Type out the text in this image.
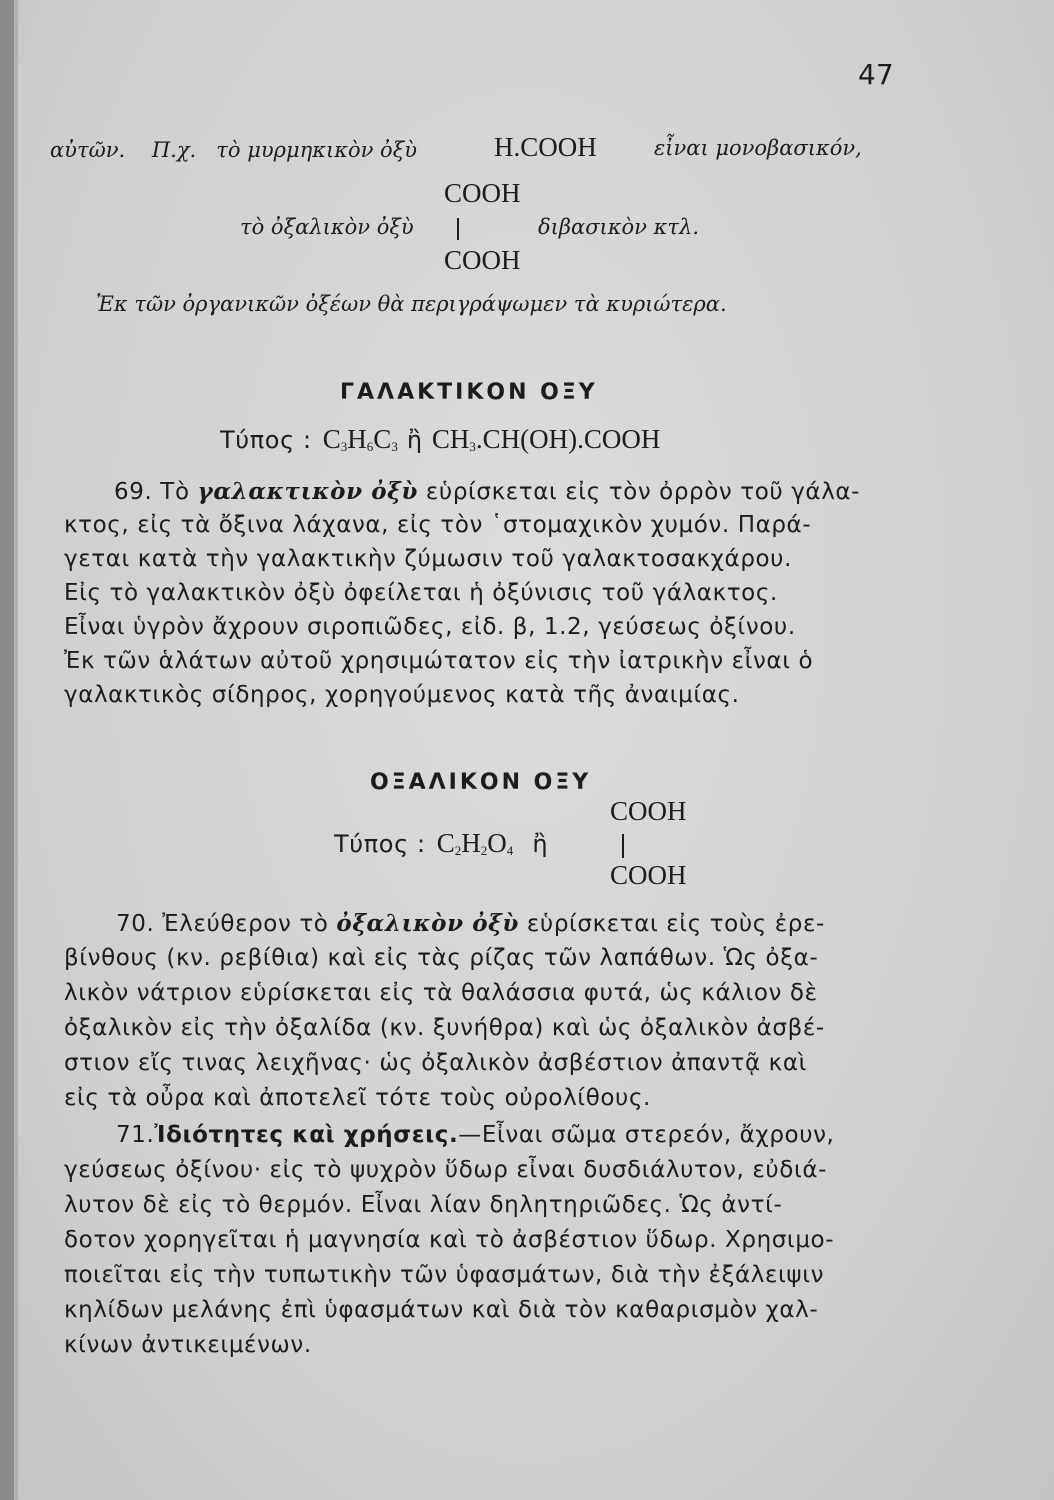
47
αὐτῶν. Π.χ. τὸ μυρμηκικὸν ὀξὺ	H.COOH	εἶναι μονοβασικόν,
COOH
τὸ ὀξαλικὸν ὀξὺ	διβασικὸν κτλ.
COOH
Ἐκ τῶν ὀργανικῶν ὀξέων θὰ περιγράψωμεν τὰ κυριώτερα.
ΓΑΛΑΚΤΙΚΟΝ ΟΞΥ
Τύπος : $C_3H_6C_3$ ἢ $CH_3.CH(OH).COOH$
69. Τὸ γαλακτικὸν ὀξὺ εὑρίσκεται εἰς τὸν ὀρρὸν τοῦ γάλα-
κτος, εἰς τὰ ὄξινα λάχανα, εἰς τὸν ῾στομαχικὸν χυμόν. Παρά-
γεται κατὰ τὴν γαλακτικὴν ζύμωσιν τοῦ γαλακτοσακχάρου.
Εἰς τὸ γαλακτικὸν ὀξὺ ὀφείλεται ἡ ὀξύνισις τοῦ γάλακτος.
Εἶναι ὑγρὸν ἄχρουν σιροπιῶδες, εἰδ. β, 1.2, γεύσεως ὀξίνου.
Ἐκ τῶν ἁλάτων αὐτοῦ χρησιμώτατον εἰς τὴν ἰατρικὴν εἶναι ὁ
γαλακτικὸς σίδηρος, χορηγούμενος κατὰ τῆς ἀναιμίας.
ΟΞΑΛΙΚΟΝ ΟΞΥ
COOH
Τύπος : $C_2H_2O_4$ ἢ
COOH
70. Ἐλεύθερον τὸ ὀξαλικὸν ὀξὺ εὑρίσκεται εἰς τοὺς ἐρε-
βίνθους (κν. ρεβίθια) καὶ εἰς τὰς ρίζας τῶν λαπάθων. Ὡς ὀξα-
λικὸν νάτριον εὑρίσκεται εἰς τὰ θαλάσσια φυτά, ὡς κάλιον δὲ
ὀξαλικὸν εἰς τὴν ὀξαλίδα (κν. ξυνήθρα) καὶ ὡς ὀξαλικὸν ἀσβέ-
στιον εἴς τινας λειχῆνας· ὡς ὀξαλικὸν ἀσβέστιον ἀπαντᾷ καὶ
εἰς τὰ οὖρα καὶ ἀποτελεῖ τότε τοὺς οὐρολίθους.
71.Ἰδιότητες καὶ χρήσεις.—Εἶναι σῶμα στερεόν, ἄχρουν,
γεύσεως ὀξίνου· εἰς τὸ ψυχρὸν ὕδωρ εἶναι δυσδιάλυτον, εὐδιά-
λυτον δὲ εἰς τὸ θερμόν. Εἶναι λίαν δηλητηριῶδες. Ὡς ἀντί-
δοτον χορηγεῖται ἡ μαγνησία καὶ τὸ ἀσβέστιον ὕδωρ. Χρησιμο-
ποιεῖται εἰς τὴν τυπωτικὴν τῶν ὑφασμάτων, διὰ τὴν ἐξάλειψιν
κηλίδων μελάνης ἐπὶ ὑφασμάτων καὶ διὰ τὸν καθαρισμὸν χαλ-
κίνων ἀντικειμένων.
